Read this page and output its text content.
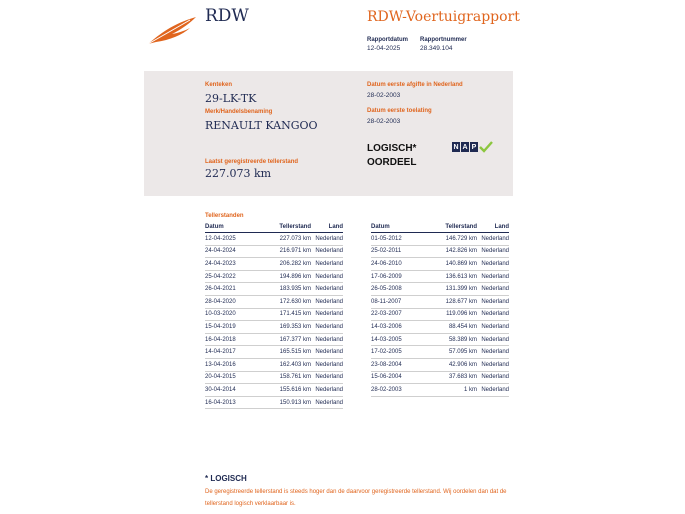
RDW	RDW-Voertuigrapport
Rapportdatum
12-04-2025
Rapportnummer
28.349.104
Kenteken
29-LK-TK
Merk/Handelsbenaming
RENAULT KANGOO
Laatst geregistreerde tellerstand
227.073 km
Datum eerste afgifte in Nederland
28-02-2003
Datum eerste toelating
28-02-2003
LOGISCH*
OORDEEL
N A P
Tellerstanden
Datum	Tellerstand	Land
12-04-2025	227.073 km	Nederland
24-04-2024	216.971 km	Nederland
24-04-2023	206.282 km	Nederland
25-04-2022	194.896 km	Nederland
26-04-2021	183.935 km	Nederland
28-04-2020	172.630 km	Nederland
10-03-2020	171.415 km	Nederland
15-04-2019	169.353 km	Nederland
16-04-2018	167.377 km	Nederland
14-04-2017	165.515 km	Nederland
13-04-2016	162.403 km	Nederland
20-04-2015	158.761 km	Nederland
30-04-2014	155.616 km	Nederland
16-04-2013	150.913 km	Nederland
Datum	Tellerstand	Land
01-05-2012	146.729 km	Nederland
25-02-2011	142.826 km	Nederland
24-06-2010	140.869 km	Nederland
17-06-2009	136.613 km	Nederland
26-05-2008	131.399 km	Nederland
08-11-2007	128.677 km	Nederland
22-03-2007	119.096 km	Nederland
14-03-2006	88.454 km	Nederland
14-03-2005	58.389 km	Nederland
17-02-2005	57.095 km	Nederland
23-08-2004	42.906 km	Nederland
15-06-2004	37.683 km	Nederland
28-02-2003	1 km	Nederland
* LOGISCH
De geregistreerde tellerstand is steeds hoger dan de daarvoor geregistreerde tellerstand. Wij oordelen dan dat de tellerstand logisch verklaarbaar is.
